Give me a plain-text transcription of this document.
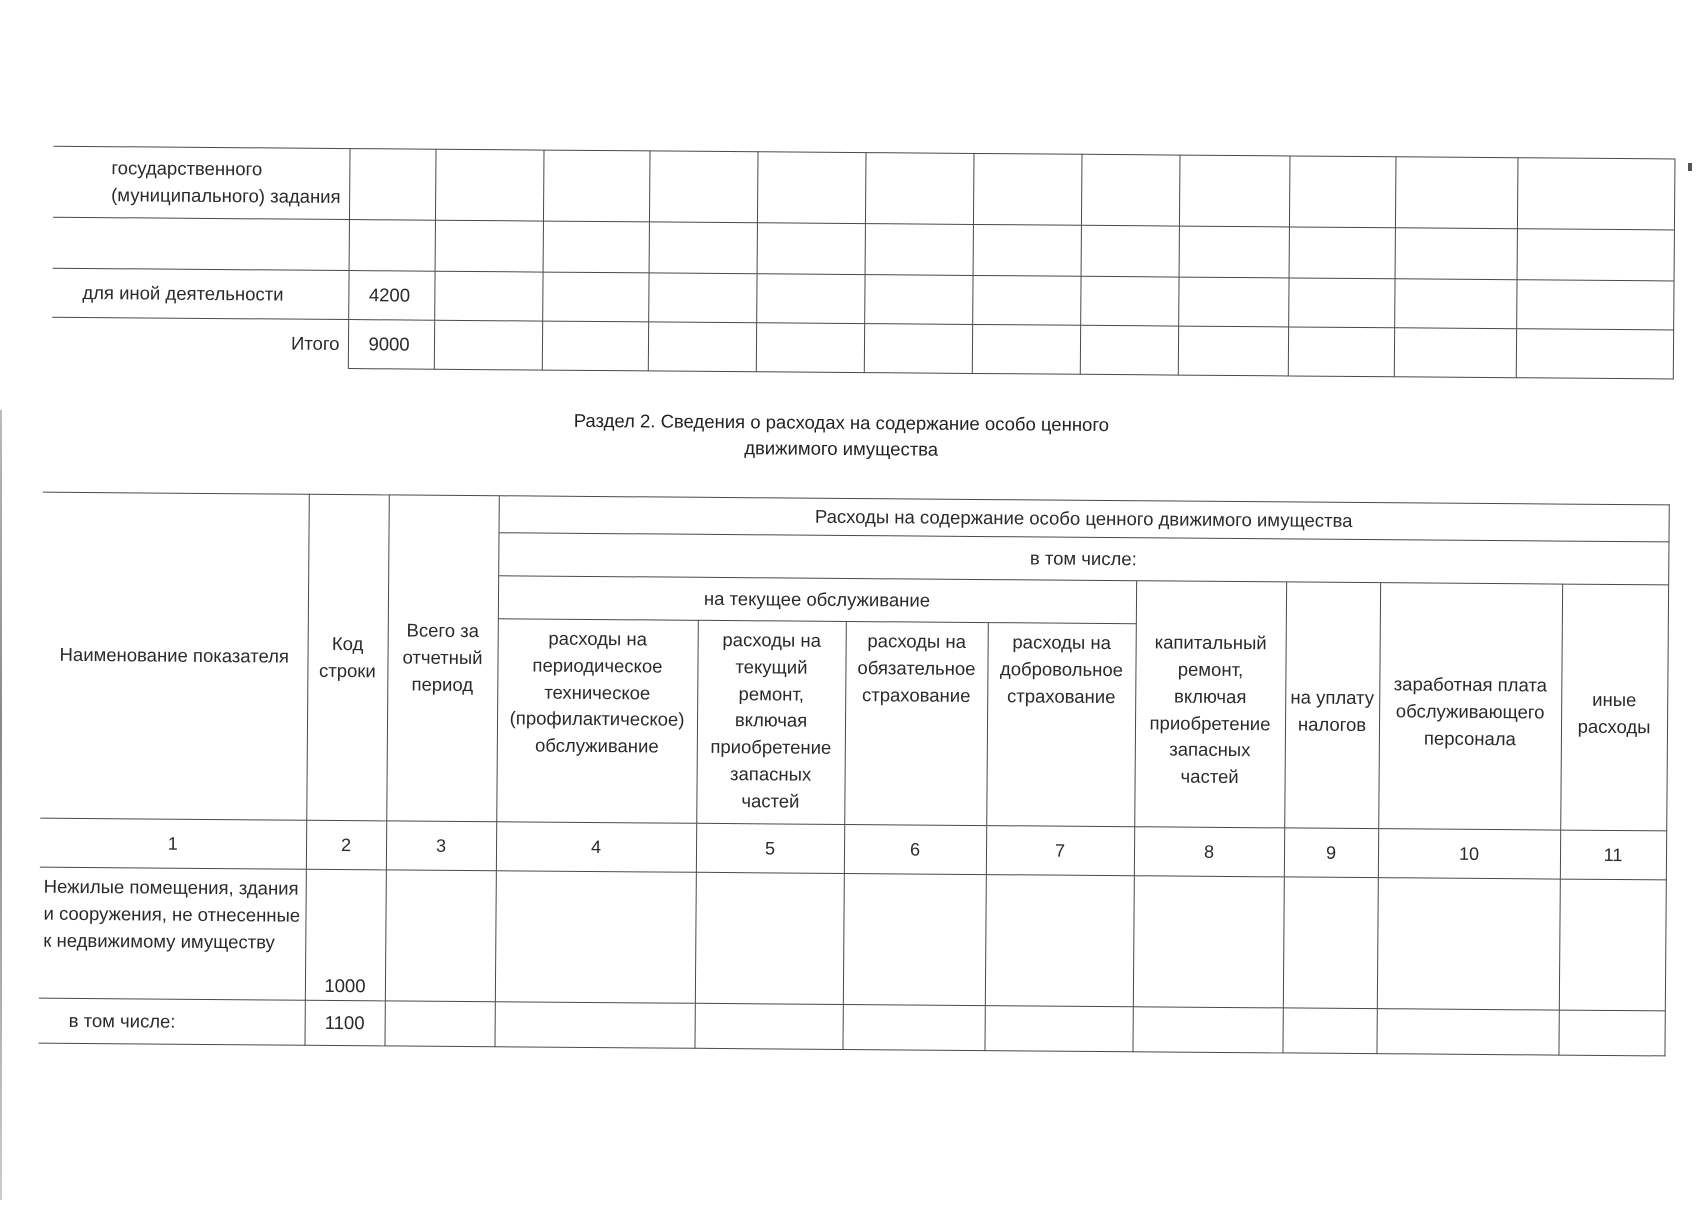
государственного (муниципального) задания												

для иной деятельности	4200											
Итого	9000											
Раздел 2. Сведения о расходах на содержание особо ценного
движимого имущества
Наименование показателя	Код строки	Всего за отчетный период	Расходы на содержание особо ценного движимого имущества							
			в том числе:							
			на текущее обслуживание				капитальный ремонт, включая приобретение запасных частей	на уплату налогов	заработная плата обслуживающего персонала	иные расходы
			расходы на периодическое техническое (профилактическое) обслуживание	расходы на текущий ремонт, включая приобретение запасных частей	расходы на обязательное страхование	расходы на добровольное страхование				
1	2	3	4	5	6	7	8	9	10	11
Нежилые помещения, здания и сооружения, не отнесенные к недвижимому имуществу	1000									
в том числе:	1100									
